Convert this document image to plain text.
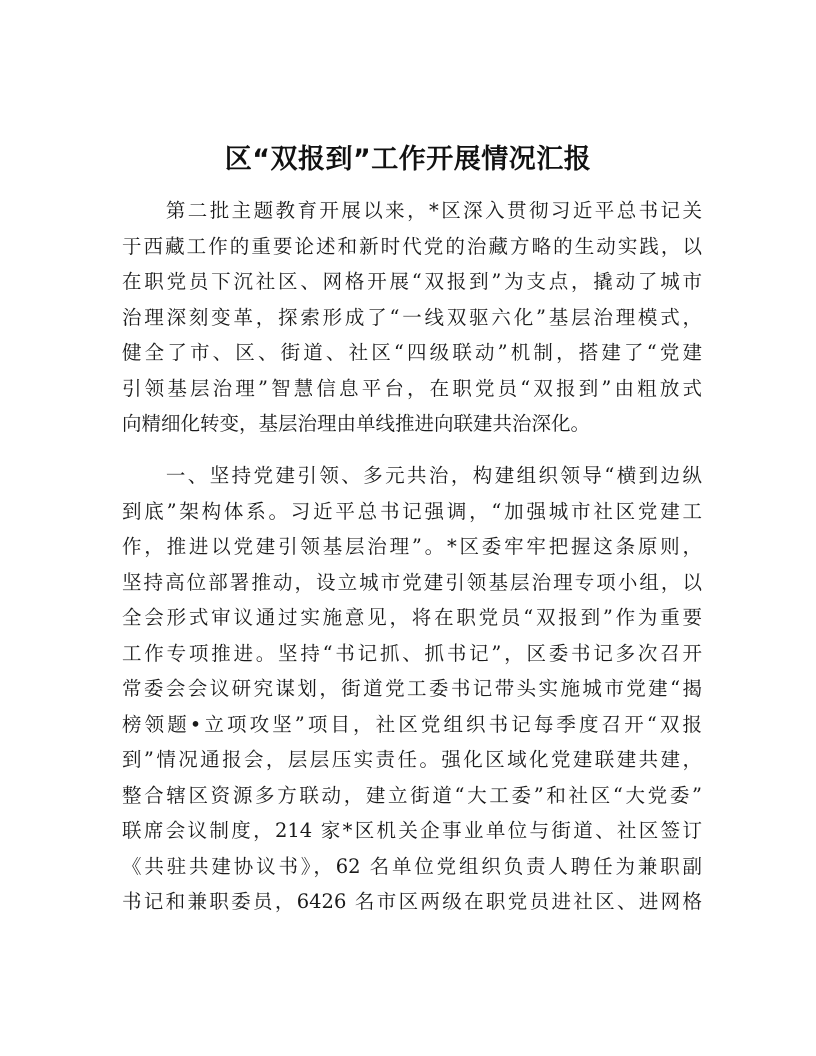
区“双报到”工作开展情况汇报
　　第二批主题教育开展以来，*区深入贯彻习近平总书记关
于西藏工作的重要论述和新时代党的治藏方略的生动实践，以
在职党员下沉社区、网格开展“双报到”为支点，撬动了城市
治理深刻变革，探索形成了“一线双驱六化”基层治理模式，
健全了市、区、街道、社区“四级联动”机制，搭建了“党建
引领基层治理”智慧信息平台，在职党员“双报到”由粗放式
向精细化转变，基层治理由单线推进向联建共治深化。
　　一、坚持党建引领、多元共治，构建组织领导“横到边纵
到底”架构体系。习近平总书记强调，“加强城市社区党建工
作，推进以党建引领基层治理”。*区委牢牢把握这条原则，
坚持高位部署推动，设立城市党建引领基层治理专项小组，以
全会形式审议通过实施意见，将在职党员“双报到”作为重要
工作专项推进。坚持“书记抓、抓书记”，区委书记多次召开
常委会会议研究谋划，街道党工委书记带头实施城市党建“揭
榜领题•立项攻坚”项目，社区党组织书记每季度召开“双报
到”情况通报会，层层压实责任。强化区域化党建联建共建，
整合辖区资源多方联动，建立街道“大工委”和社区“大党委”
联席会议制度，214 家*区机关企事业单位与街道、社区签订
《共驻共建协议书》，62 名单位党组织负责人聘任为兼职副
书记和兼职委员，6426 名市区两级在职党员进社区、进网格
